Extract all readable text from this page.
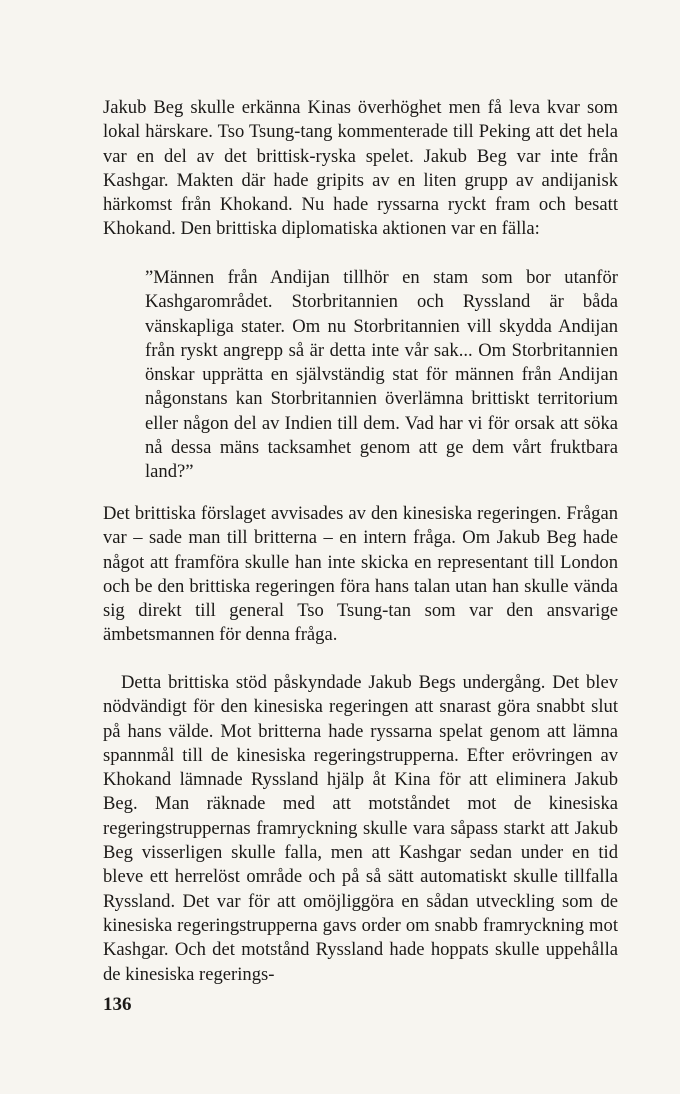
Jakub Beg skulle erkänna Kinas överhöghet men få leva kvar som lokal härskare. Tso Tsung-tang kommenterade till Peking att det hela var en del av det brittisk-ryska spelet. Jakub Beg var inte från Kashgar. Makten där hade gripits av en liten grupp av andijanisk härkomst från Khokand. Nu hade ryssarna ryckt fram och besatt Khokand. Den brittiska diplomatiska aktionen var en fälla:

”Männen från Andijan tillhör en stam som bor utanför Kashgarområdet. Storbritannien och Ryssland är båda vänskapliga stater. Om nu Storbritannien vill skydda Andijan från ryskt angrepp så är detta inte vår sak... Om Storbritannien önskar upprätta en självständig stat för männen från Andijan någonstans kan Storbritannien överlämna brittiskt territorium eller någon del av Indien till dem. Vad har vi för orsak att söka nå dessa mäns tacksamhet genom att ge dem vårt fruktbara land?”

Det brittiska förslaget avvisades av den kinesiska regeringen. Frågan var – sade man till britterna – en intern fråga. Om Jakub Beg hade något att framföra skulle han inte skicka en representant till London och be den brittiska regeringen föra hans talan utan han skulle vända sig direkt till general Tso Tsung-tan som var den ansvarige ämbetsmannen för denna fråga.

Detta brittiska stöd påskyndade Jakub Begs undergång. Det blev nödvändigt för den kinesiska regeringen att snarast göra snabbt slut på hans välde. Mot britterna hade ryssarna spelat genom att lämna spannmål till de kinesiska regeringstrupperna. Efter erövringen av Khokand lämnade Ryssland hjälp åt Kina för att eliminera Jakub Beg. Man räknade med att motståndet mot de kinesiska regeringstruppernas framryckning skulle vara såpass starkt att Jakub Beg visserligen skulle falla, men att Kashgar sedan under en tid bleve ett herrelöst område och på så sätt automatiskt skulle tillfalla Ryssland. Det var för att omöjliggöra en sådan utveckling som de kinesiska regeringstrupperna gavs order om snabb framryckning mot Kashgar. Och det motstånd Ryssland hade hoppats skulle uppehålla de kinesiska regerings-

136
